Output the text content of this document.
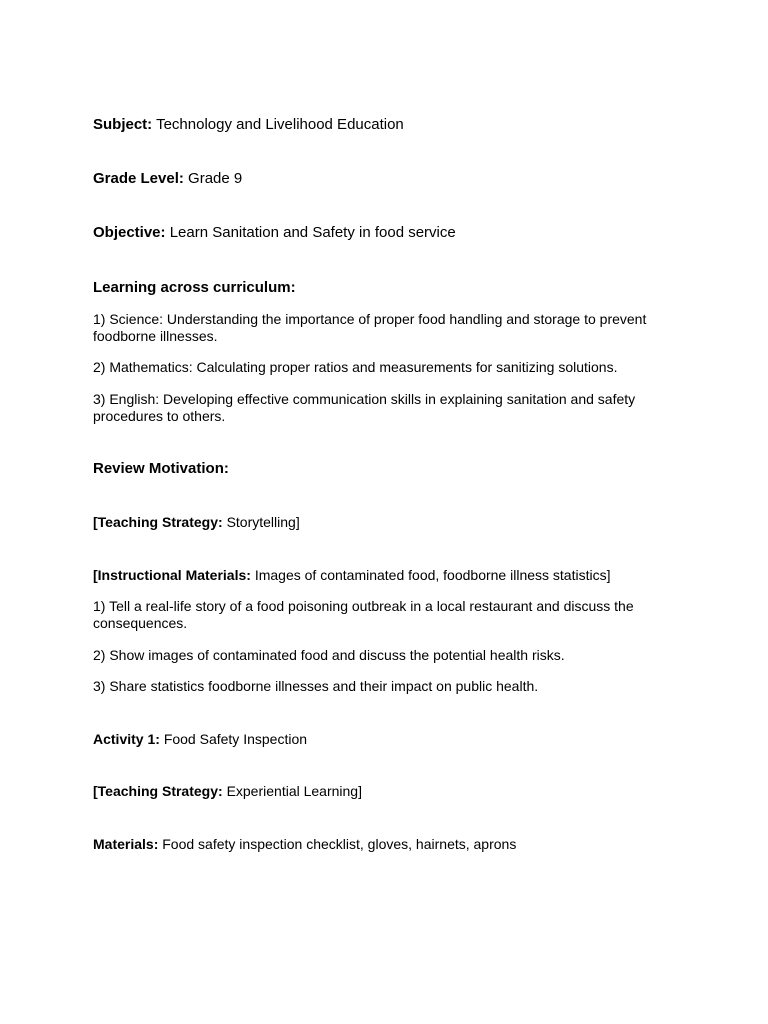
Subject: Technology and Livelihood Education
Grade Level: Grade 9
Objective: Learn Sanitation and Safety in food service
Learning across curriculum:
1) Science: Understanding the importance of proper food handling and storage to prevent foodborne illnesses.
2) Mathematics: Calculating proper ratios and measurements for sanitizing solutions.
3) English: Developing effective communication skills in explaining sanitation and safety procedures to others.
Review Motivation:
[Teaching Strategy: Storytelling]
[Instructional Materials: Images of contaminated food, foodborne illness statistics]
1) Tell a real-life story of a food poisoning outbreak in a local restaurant and discuss the consequences.
2) Show images of contaminated food and discuss the potential health risks.
3) Share statistics foodborne illnesses and their impact on public health.
Activity 1: Food Safety Inspection
[Teaching Strategy: Experiential Learning]
Materials: Food safety inspection checklist, gloves, hairnets, aprons
